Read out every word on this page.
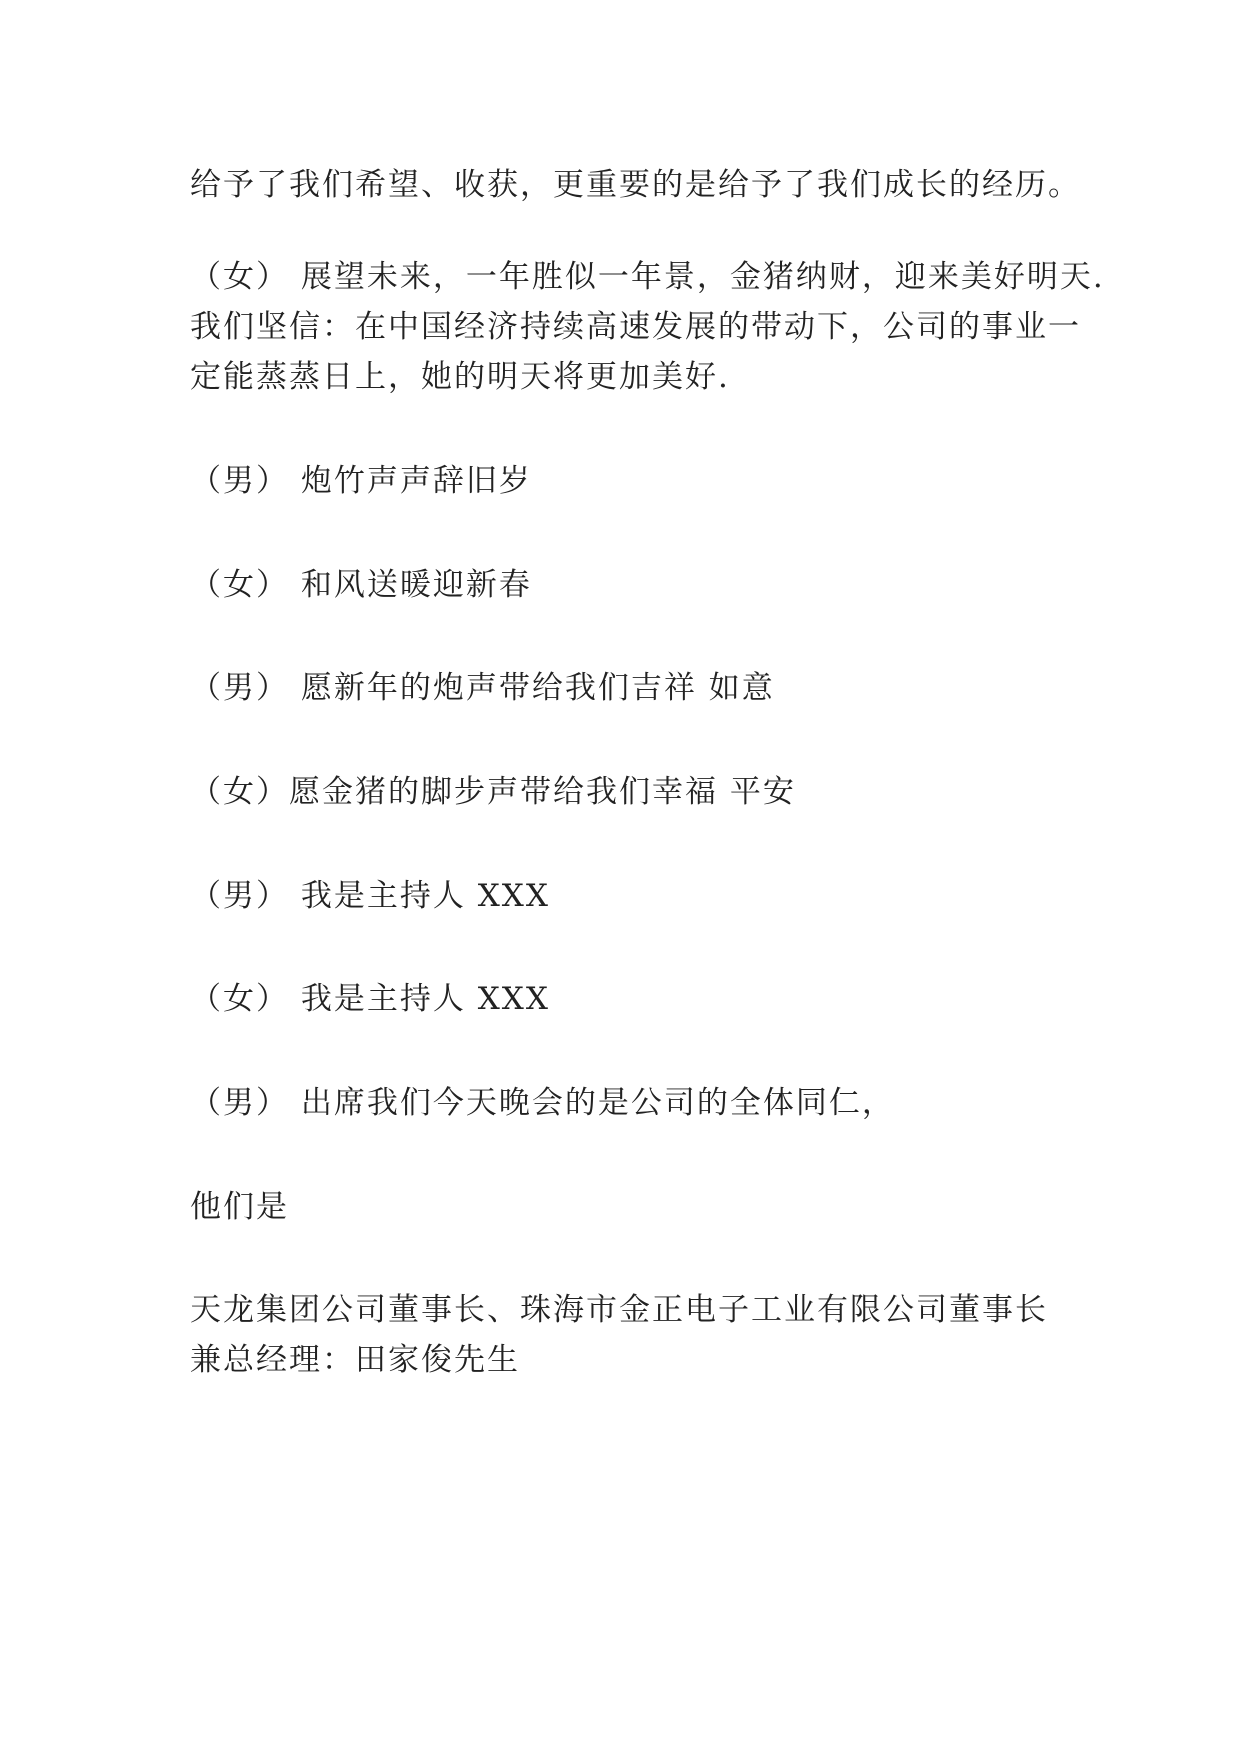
给予了我们希望、收获，更重要的是给予了我们成长的经历。
（女） 展望未来，一年胜似一年景，金猪纳财，迎来美好明天.
我们坚信：在中国经济持续高速发展的带动下，公司的事业一
定能蒸蒸日上，她的明天将更加美好.
（男） 炮竹声声辞旧岁
（女） 和风送暖迎新春
（男） 愿新年的炮声带给我们吉祥 如意
（女）愿金猪的脚步声带给我们幸福 平安
（男） 我是主持人 XXX
（女） 我是主持人 XXX
（男） 出席我们今天晚会的是公司的全体同仁，
他们是
天龙集团公司董事长、珠海市金正电子工业有限公司董事长
兼总经理：田家俊先生
